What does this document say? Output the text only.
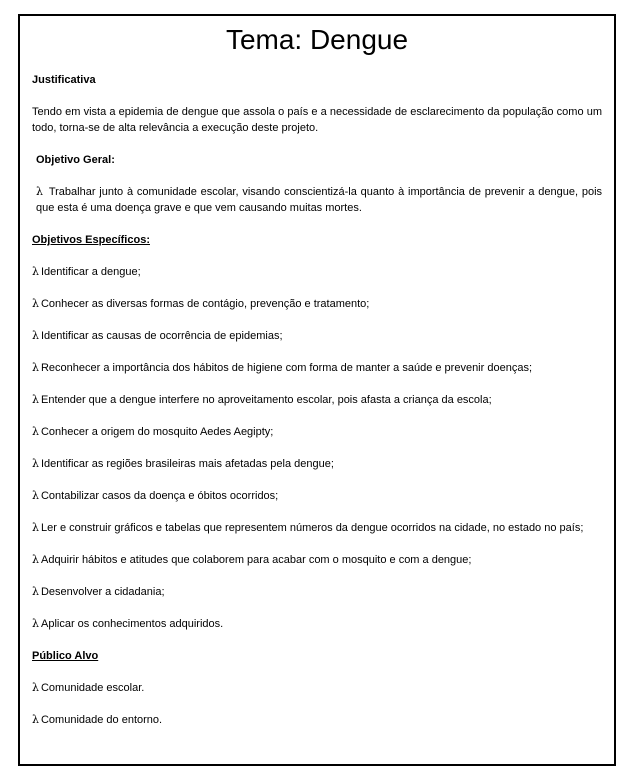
Tema: Dengue
Justificativa
Tendo em vista a epidemia de dengue que assola o país e a necessidade de esclarecimento da população como um todo, torna-se de alta relevância a execução deste projeto.
Objetivo Geral:
λ Trabalhar junto à comunidade escolar, visando conscientizá-la quanto à importância de prevenir a dengue, pois que esta é uma doença grave e que vem causando muitas mortes.
Objetivos Específicos:
λ Identificar a dengue;
λ Conhecer as diversas formas de contágio, prevenção e tratamento;
λ Identificar as causas de ocorrência de epidemias;
λ Reconhecer a importância dos hábitos de higiene com forma de manter a saúde e prevenir doenças;
λ Entender que a dengue interfere no aproveitamento escolar, pois afasta a criança da escola;
λ Conhecer a origem do mosquito Aedes Aegipty;
λ Identificar as regiões brasileiras mais afetadas pela dengue;
λ Contabilizar casos da doença e óbitos ocorridos;
λ Ler e construir gráficos e tabelas que representem números da dengue ocorridos na cidade, no estado no país;
λ Adquirir hábitos e atitudes que colaborem para acabar com o mosquito e com a dengue;
λ Desenvolver a cidadania;
λ Aplicar os conhecimentos adquiridos.
Público Alvo
λ Comunidade escolar.
λ Comunidade do entorno.
